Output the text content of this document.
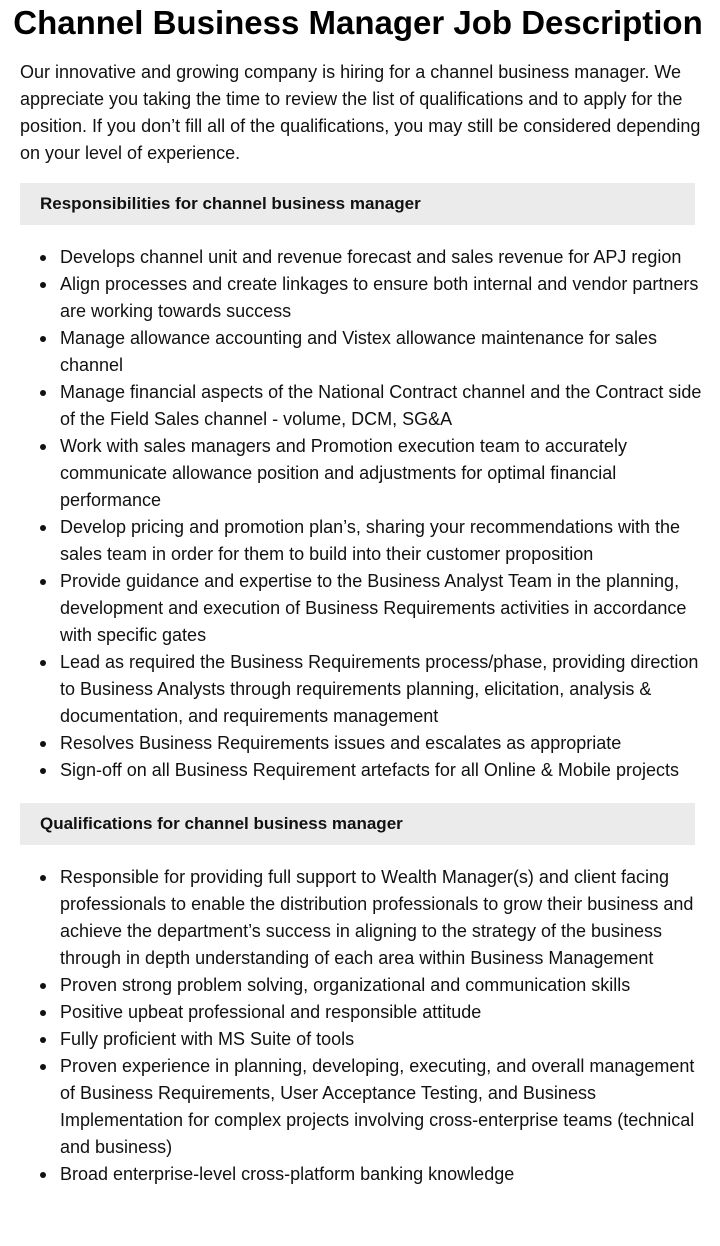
Channel Business Manager Job Description

Our innovative and growing company is hiring for a channel business manager. We appreciate you taking the time to review the list of qualifications and to apply for the position. If you don’t fill all of the qualifications, you may still be considered depending on your level of experience.

Responsibilities for channel business manager
Develops channel unit and revenue forecast and sales revenue for APJ region
Align processes and create linkages to ensure both internal and vendor partners are working towards success
Manage allowance accounting and Vistex allowance maintenance for sales channel
Manage financial aspects of the National Contract channel and the Contract side of the Field Sales channel - volume, DCM, SG&A
Work with sales managers and Promotion execution team to accurately communicate allowance position and adjustments for optimal financial performance
Develop pricing and promotion plan’s, sharing your recommendations with the sales team in order for them to build into their customer proposition
Provide guidance and expertise to the Business Analyst Team in the planning, development and execution of Business Requirements activities in accordance with specific gates
Lead as required the Business Requirements process/phase, providing direction to Business Analysts through requirements planning, elicitation, analysis & documentation, and requirements management
Resolves Business Requirements issues and escalates as appropriate
Sign-off on all Business Requirement artefacts for all Online & Mobile projects
Qualifications for channel business manager
Responsible for providing full support to Wealth Manager(s) and client facing professionals to enable the distribution professionals to grow their business and achieve the department’s success in aligning to the strategy of the business through in depth understanding of each area within Business Management
Proven strong problem solving, organizational and communication skills
Positive upbeat professional and responsible attitude
Fully proficient with MS Suite of tools
Proven experience in planning, developing, executing, and overall management of Business Requirements, User Acceptance Testing, and Business Implementation for complex projects involving cross-enterprise teams (technical and business)
Broad enterprise-level cross-platform banking knowledge
